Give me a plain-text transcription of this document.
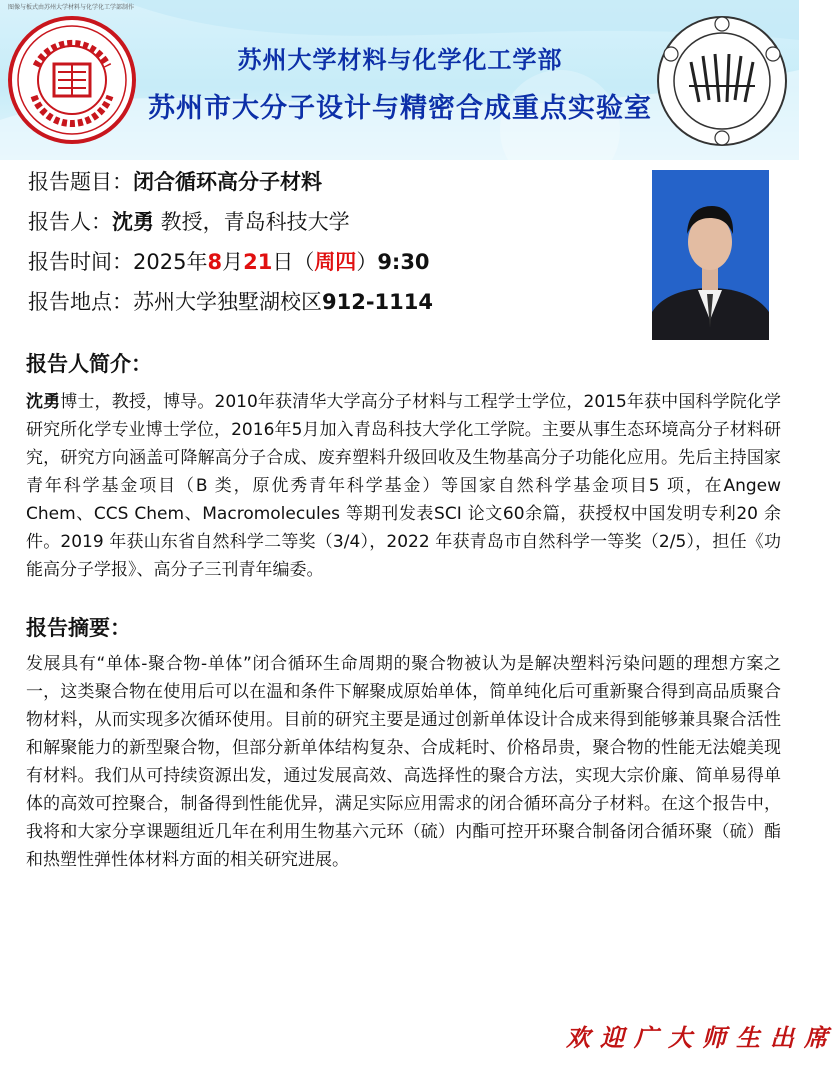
苏州大学材料与化学化工学部
苏州市大分子设计与精密合成重点实验室
图像与板式由苏州大学材料与化学化工学部制作
报告题目：闭合循环高分子材料
报告人：沈勇 教授，青岛科技大学
报告时间：2025年8月21日（周四）9:30
报告地点：苏州大学独墅湖校区912-1114
报告人简介：
沈勇博士，教授，博导。2010年获清华大学高分子材料与工程学士学位，2015年获中国科学院化学研究所化学专业博士学位，2016年5月加入青岛科技大学化工学院。主要从事生态环境高分子材料研究，研究方向涵盖可降解高分子合成、废弃塑料升级回收及生物基高分子功能化应用。先后主持国家青年科学基金项目（B 类，原优秀青年科学基金）等国家自然科学基金项目5 项，在Angew Chem、CCS Chem、Macromolecules 等期刊发表SCI 论文60余篇，获授权中国发明专利20 余件。2019 年获山东省自然科学二等奖（3/4），2022 年获青岛市自然科学一等奖（2/5），担任《功能高分子学报》、高分子三刊青年编委。
报告摘要：
发展具有“单体-聚合物-单体”闭合循环生命周期的聚合物被认为是解决塑料污染问题的理想方案之一，这类聚合物在使用后可以在温和条件下解聚成原始单体，简单纯化后可重新聚合得到高品质聚合物材料，从而实现多次循环使用。目前的研究主要是通过创新单体设计合成来得到能够兼具聚合活性和解聚能力的新型聚合物，但部分新单体结构复杂、合成耗时、价格昂贵，聚合物的性能无法媲美现有材料。我们从可持续资源出发，通过发展高效、高选择性的聚合方法，实现大宗价廉、简单易得单体的高效可控聚合，制备得到性能优异，满足实际应用需求的闭合循环高分子材料。在这个报告中，我将和大家分享课题组近几年在利用生物基六元环（硫）内酯可控开环聚合制备闭合循环聚（硫）酯和热塑性弹性体材料方面的相关研究进展。
欢迎广大师生出席
